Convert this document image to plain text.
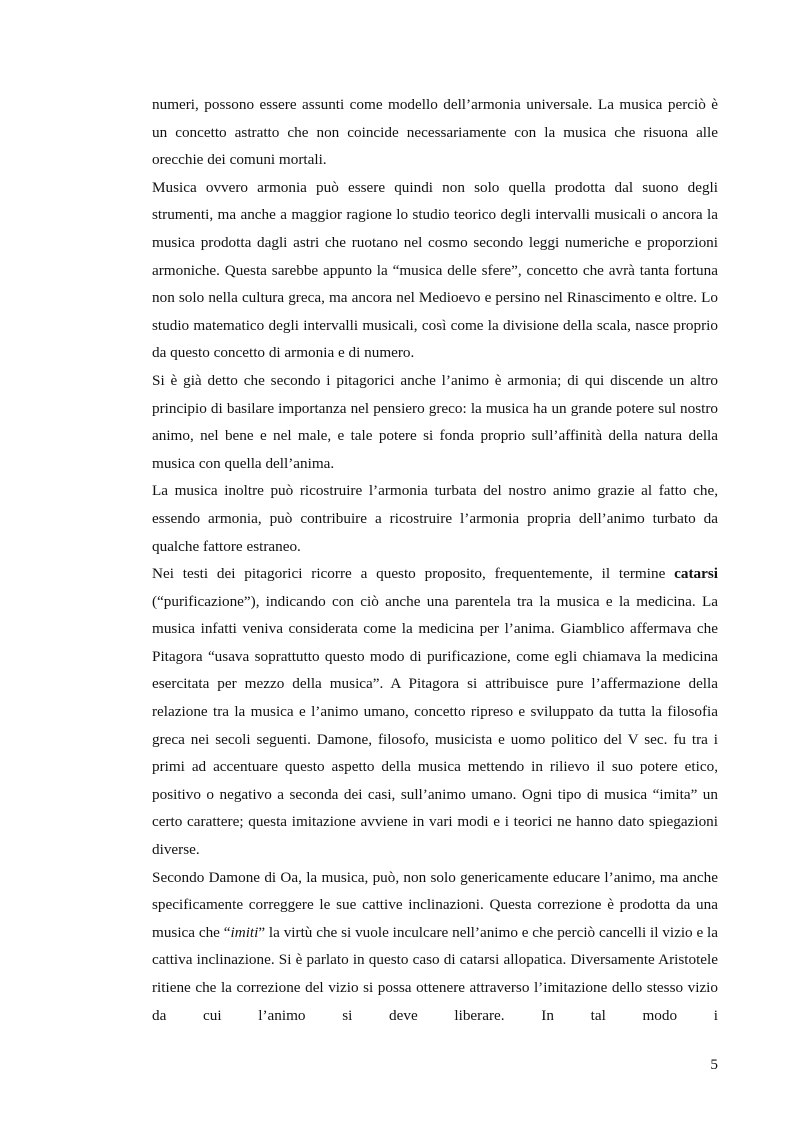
numeri, possono essere assunti come modello dell’armonia universale. La musica perciò è un concetto astratto che non coincide necessariamente con la musica che risuona alle orecchie dei comuni mortali.

Musica ovvero armonia può essere quindi non solo quella prodotta dal suono degli strumenti, ma anche a maggior ragione lo studio teorico degli intervalli musicali o ancora la musica prodotta dagli astri che ruotano nel cosmo secondo leggi numeriche e proporzioni armoniche. Questa sarebbe appunto la “musica delle sfere”, concetto che avrà tanta fortuna non solo nella cultura greca, ma ancora nel Medioevo e persino nel Rinascimento e oltre. Lo studio matematico degli intervalli musicali, così come la divisione della scala, nasce proprio da questo concetto di armonia e di numero.

Si è già detto che secondo i pitagorici anche l’animo è armonia; di qui discende un altro principio di basilare importanza nel pensiero greco: la musica ha un grande potere sul nostro animo, nel bene e nel male, e tale potere si fonda proprio sull’affinità della natura della musica con quella dell’anima.

La musica inoltre può ricostruire l’armonia turbata del nostro animo grazie al fatto che, essendo armonia, può contribuire a ricostruire l’armonia propria dell’animo turbato da qualche fattore estraneo.

Nei testi dei pitagorici ricorre a questo proposito, frequentemente, il termine catarsi (“purificazione”), indicando con ciò anche una parentela tra la musica e la medicina. La musica infatti veniva considerata come la medicina per l’anima. Giamblico affermava che Pitagora “usava soprattutto questo modo di purificazione, come egli chiamava la medicina esercitata per mezzo della musica”. A Pitagora si attribuisce pure l’affermazione della relazione tra la musica e l’animo umano, concetto ripreso e sviluppato da tutta la filosofia greca nei secoli seguenti. Damone, filosofo, musicista e uomo politico del V sec. fu tra i primi ad accentuare questo aspetto della musica mettendo in rilievo il suo potere etico, positivo o negativo a seconda dei casi, sull’animo umano. Ogni tipo di musica “imita” un certo carattere; questa imitazione avviene in vari modi e i teorici ne hanno dato spiegazioni diverse.

Secondo Damone di Oa, la musica, può, non solo genericamente educare l’animo, ma anche specificamente correggere le sue cattive inclinazioni. Questa correzione è prodotta da una musica che “imiti” la virtù che si vuole inculcare nell’animo e che perciò cancelli il vizio e la cattiva inclinazione. Si è parlato in questo caso di catarsi allopatica. Diversamente Aristotele ritiene che la correzione del vizio si possa ottenere attraverso l’imitazione dello stesso vizio da cui l’animo si deve liberare. In tal modo i

5
